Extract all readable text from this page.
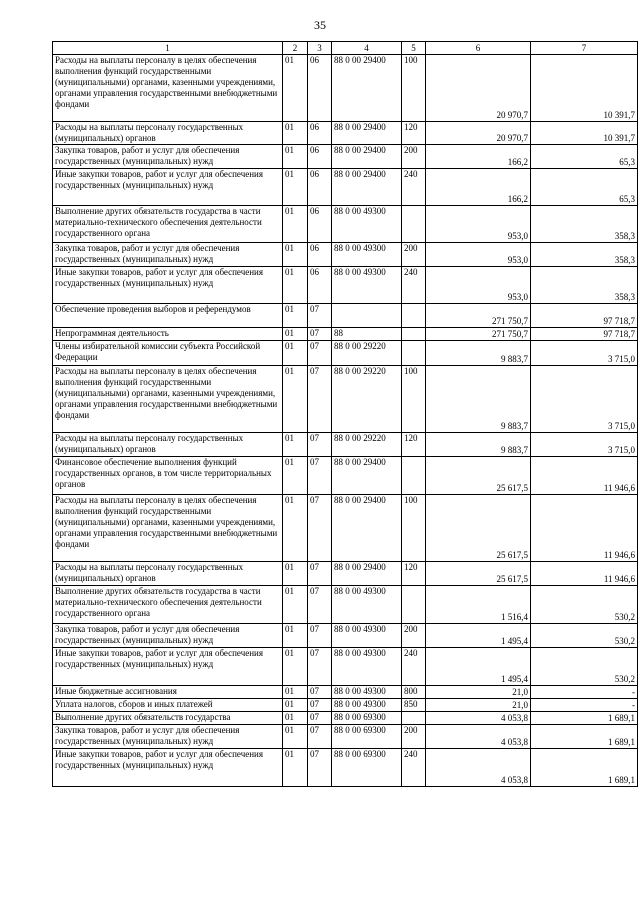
35
1	2	3	4	5	6	7
Расходы на выплаты персоналу в целях обеспечения выполнения функций государственными (муниципальными) органами, казенными учреждениями, органами управления государственными внебюджетными фондами	01	06	88 0 00 29400	100	20 970,7	10 391,7
Расходы на выплаты персоналу государственных (муниципальных) органов	01	06	88 0 00 29400	120	20 970,7	10 391,7
Закупка товаров, работ и услуг для обеспечения государственных (муниципальных) нужд	01	06	88 0 00 29400	200	166,2	65,3
Иные закупки товаров, работ и услуг для обеспечения государственных (муниципальных) нужд	01	06	88 0 00 29400	240	166,2	65,3
Выполнение других обязательств государства в части материально-технического обеспечения деятельности государственного органа	01	06	88 0 00 49300		953,0	358,3
Закупка товаров, работ и услуг для обеспечения государственных (муниципальных) нужд	01	06	88 0 00 49300	200	953,0	358,3
Иные закупки товаров, работ и услуг для обеспечения государственных (муниципальных) нужд	01	06	88 0 00 49300	240	953,0	358,3
Обеспечение проведения выборов и референдумов	01	07			271 750,7	97 718,7
Непрограммная деятельность	01	07	88		271 750,7	97 718,7
Члены избирательной комиссии субъекта Российской Федерации	01	07	88 0 00 29220		9 883,7	3 715,0
Расходы на выплаты персоналу в целях обеспечения выполнения функций государственными (муниципальными) органами, казенными учреждениями, органами управления государственными внебюджетными фондами	01	07	88 0 00 29220	100	9 883,7	3 715,0
Расходы на выплаты персоналу государственных (муниципальных) органов	01	07	88 0 00 29220	120	9 883,7	3 715,0
Финансовое обеспечение выполнения функций государственных органов, в том числе территориальных органов	01	07	88 0 00 29400		25 617,5	11 946,6
Расходы на выплаты персоналу в целях обеспечения выполнения функций государственными (муниципальными) органами, казенными учреждениями, органами управления государственными внебюджетными фондами	01	07	88 0 00 29400	100	25 617,5	11 946,6
Расходы на выплаты персоналу государственных (муниципальных) органов	01	07	88 0 00 29400	120	25 617,5	11 946,6
Выполнение других обязательств государства в части материально-технического обеспечения деятельности государственного органа	01	07	88 0 00 49300		1 516,4	530,2
Закупка товаров, работ и услуг для обеспечения государственных (муниципальных) нужд	01	07	88 0 00 49300	200	1 495,4	530,2
Иные закупки товаров, работ и услуг для обеспечения государственных (муниципальных) нужд	01	07	88 0 00 49300	240	1 495,4	530,2
Иные бюджетные ассигнования	01	07	88 0 00 49300	800	21,0	-
Уплата налогов, сборов и иных платежей	01	07	88 0 00 49300	850	21,0	-
Выполнение других обязательств государства	01	07	88 0 00 69300		4 053,8	1 689,1
Закупка товаров, работ и услуг для обеспечения государственных (муниципальных) нужд	01	07	88 0 00 69300	200	4 053,8	1 689,1
Иные закупки товаров, работ и услуг для обеспечения государственных (муниципальных) нужд	01	07	88 0 00 69300	240	4 053,8	1 689,1
